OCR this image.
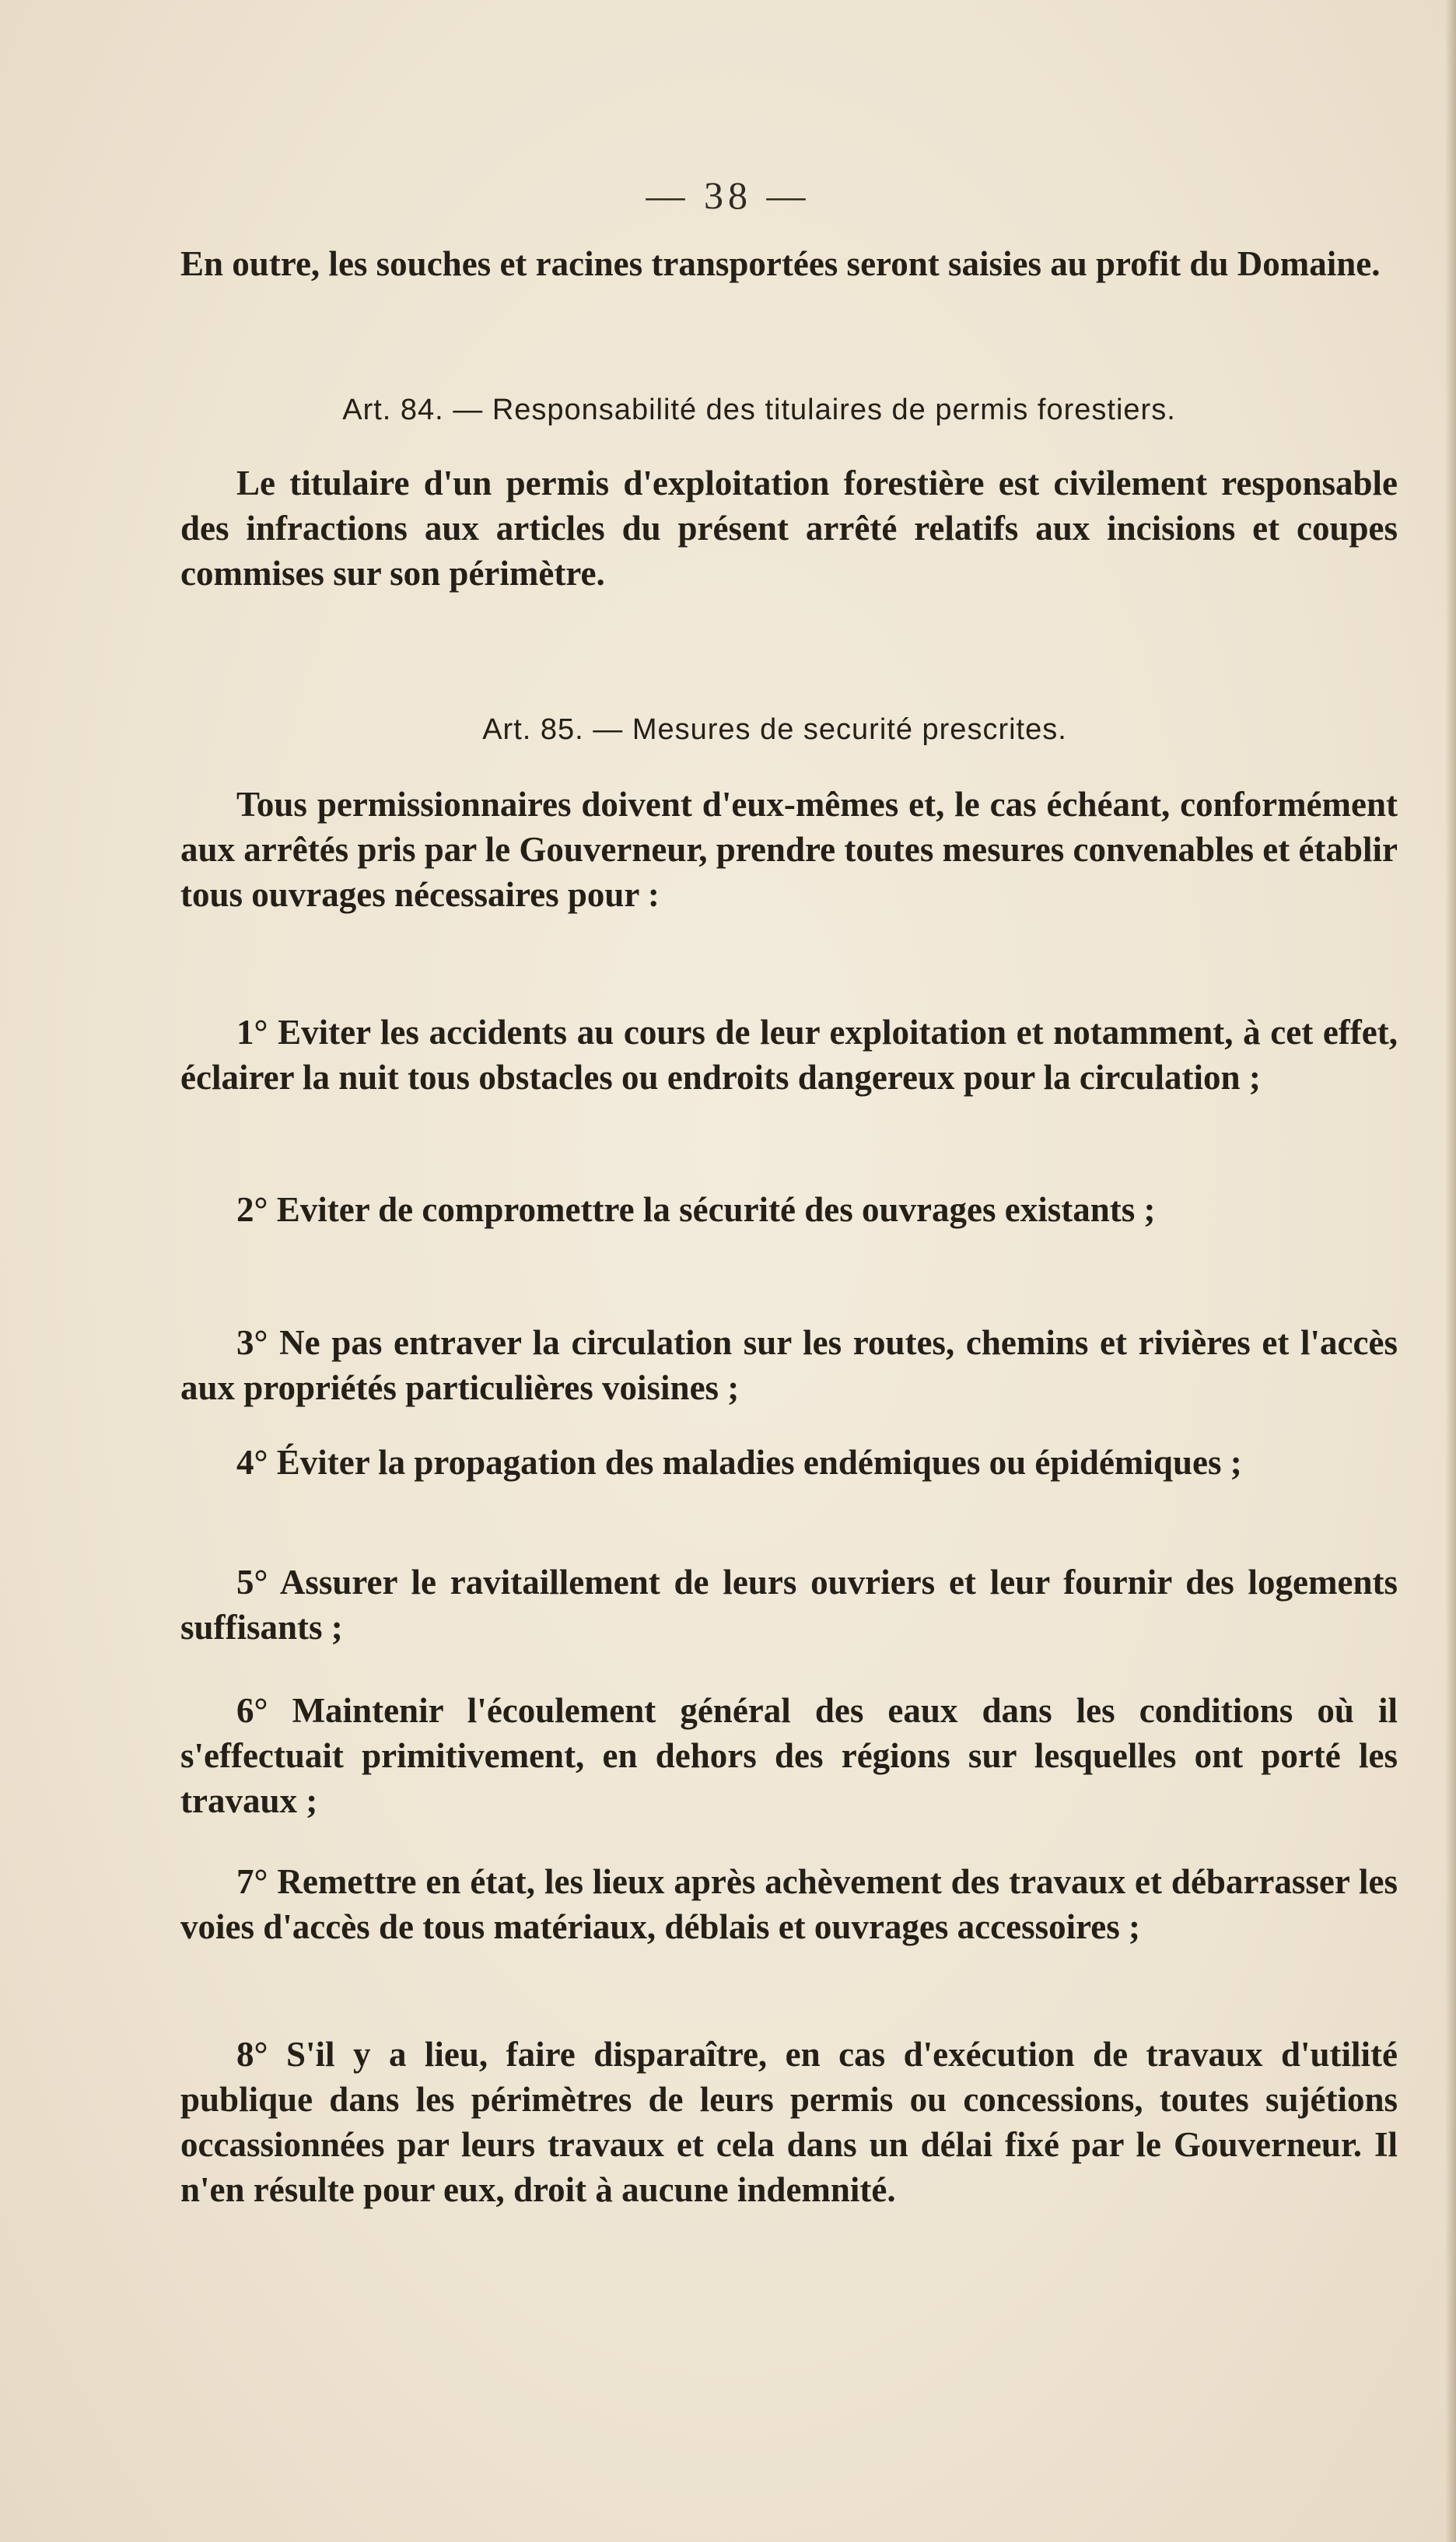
— 38 —
En outre, les souches et racines transportées seront saisies au profit du Domaine.
Art. 84. — Responsabilité des titulaires de permis forestiers.
Le titulaire d'un permis d'exploitation forestière est civilement responsable des infractions aux articles du présent arrêté relatifs aux incisions et coupes commises sur son périmètre.
Art. 85. — Mesures de securité prescrites.
Tous permissionnaires doivent d'eux-mêmes et, le cas échéant, conformément aux arrêtés pris par le Gouverneur, prendre toutes mesures convenables et établir tous ouvrages nécessaires pour :
1° Eviter les accidents au cours de leur exploitation et notamment, à cet effet, éclairer la nuit tous obstacles ou endroits dangereux pour la circulation ;
2° Eviter de compromettre la sécurité des ouvrages existants ;
3° Ne pas entraver la circulation sur les routes, chemins et rivières et l'accès aux propriétés particulières voisines ;
4° Éviter la propagation des maladies endémiques ou épidémiques ;
5° Assurer le ravitaillement de leurs ouvriers et leur fournir des logements suffisants ;
6° Maintenir l'écoulement général des eaux dans les conditions où il s'effectuait primitivement, en dehors des régions sur lesquelles ont porté les travaux ;
7° Remettre en état, les lieux après achèvement des travaux et débarrasser les voies d'accès de tous matériaux, déblais et ouvrages accessoires ;
8° S'il y a lieu, faire disparaître, en cas d'exécution de travaux d'utilité publique dans les périmètres de leurs permis ou concessions, toutes sujétions occassionnées par leurs travaux et cela dans un délai fixé par le Gouverneur. Il n'en résulte pour eux, droit à aucune indemnité.
